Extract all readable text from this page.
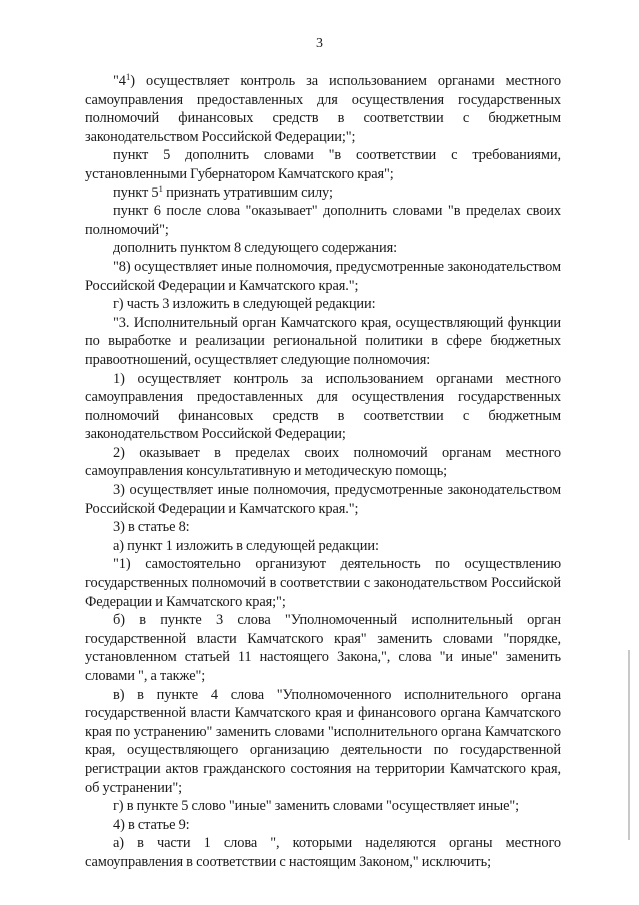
3

"$4^1$) осуществляет контроль за использованием органами местного самоуправления предоставленных для осуществления государственных полномочий финансовых средств в соответствии с бюджетным законодательством Российской Федерации;";

пункт 5 дополнить словами "в соответствии с требованиями, установленными Губернатором Камчатского края";

пункт $5^1$ признать утратившим силу;

пункт 6 после слова "оказывает" дополнить словами "в пределах своих полномочий";

дополнить пунктом 8 следующего содержания:

"8) осуществляет иные полномочия, предусмотренные законодательством Российской Федерации и Камчатского края.";

г) часть 3 изложить в следующей редакции:

"3. Исполнительный орган Камчатского края, осуществляющий функции по выработке и реализации региональной политики в сфере бюджетных правоотношений, осуществляет следующие полномочия:

1) осуществляет контроль за использованием органами местного самоуправления предоставленных для осуществления государственных полномочий финансовых средств в соответствии с бюджетным законодательством Российской Федерации;

2) оказывает в пределах своих полномочий органам местного самоуправления консультативную и методическую помощь;

3) осуществляет иные полномочия, предусмотренные законодательством Российской Федерации и Камчатского края.";

3) в статье 8:

а) пункт 1 изложить в следующей редакции:

"1) самостоятельно организуют деятельность по осуществлению государственных полномочий в соответствии с законодательством Российской Федерации и Камчатского края;";

б) в пункте 3 слова "Уполномоченный исполнительный орган государственной власти Камчатского края" заменить словами "порядке, установленном статьей 11 настоящего Закона,", слова "и иные" заменить словами ", а также";

в) в пункте 4 слова "Уполномоченного исполнительного органа государственной власти Камчатского края и финансового органа Камчатского края по устранению" заменить словами "исполнительного органа Камчатского края, осуществляющего организацию деятельности по государственной регистрации актов гражданского состояния на территории Камчатского края, об устранении";

г) в пункте 5 слово "иные" заменить словами "осуществляет иные";

4) в статье 9:

а) в части 1 слова ", которыми наделяются органы местного самоуправления в соответствии с настоящим Законом," исключить;
